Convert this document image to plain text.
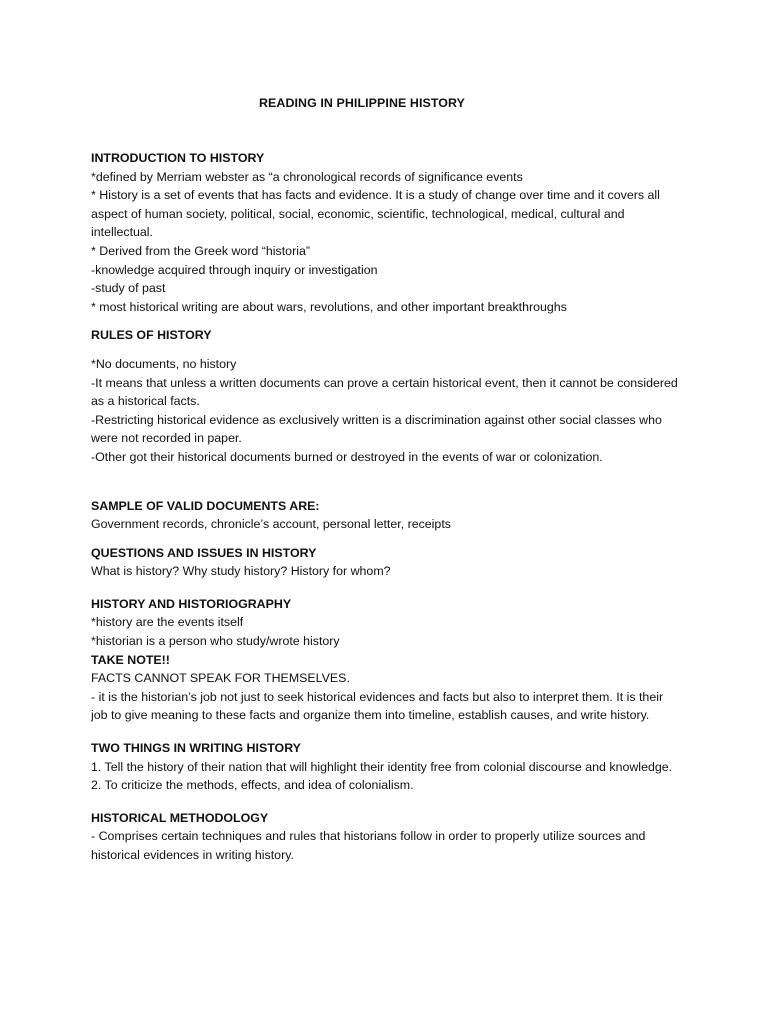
READING IN PHILIPPINE HISTORY
INTRODUCTION TO HISTORY
*defined by Merriam webster as “a chronological records of significance events
* History is a set of events that has facts and evidence. It is a study of change over time and it covers all aspect of human society, political, social, economic, scientific, technological, medical, cultural and intellectual.
* Derived from the Greek word “historia”
-knowledge acquired through inquiry or investigation
-study of past
* most historical writing are about wars, revolutions, and other important breakthroughs
RULES OF HISTORY
*No documents, no history
-It means that unless a written documents can prove a certain historical event, then it cannot be considered as a historical facts.
-Restricting historical evidence as exclusively written is a discrimination against other social classes who were not recorded in paper.
-Other got their historical documents burned or destroyed in the events of war or colonization.
SAMPLE OF VALID DOCUMENTS ARE:
Government records, chronicle’s account, personal letter, receipts
QUESTIONS AND ISSUES IN HISTORY
What is history? Why study history? History for whom?
HISTORY AND HISTORIOGRAPHY
*history are the events itself
*historian is a person who study/wrote history
TAKE NOTE!!
FACTS CANNOT SPEAK FOR THEMSELVES.
- it is the historian’s job not just to seek historical evidences and facts but also to interpret them. It is their job to give meaning to these facts and organize them into timeline, establish causes, and write history.
TWO THINGS IN WRITING HISTORY
1. Tell the history of their nation that will highlight their identity free from colonial discourse and knowledge.
2. To criticize the methods, effects, and idea of colonialism.
HISTORICAL METHODOLOGY
- Comprises certain techniques and rules that historians follow in order to properly utilize sources and historical evidences in writing history.
